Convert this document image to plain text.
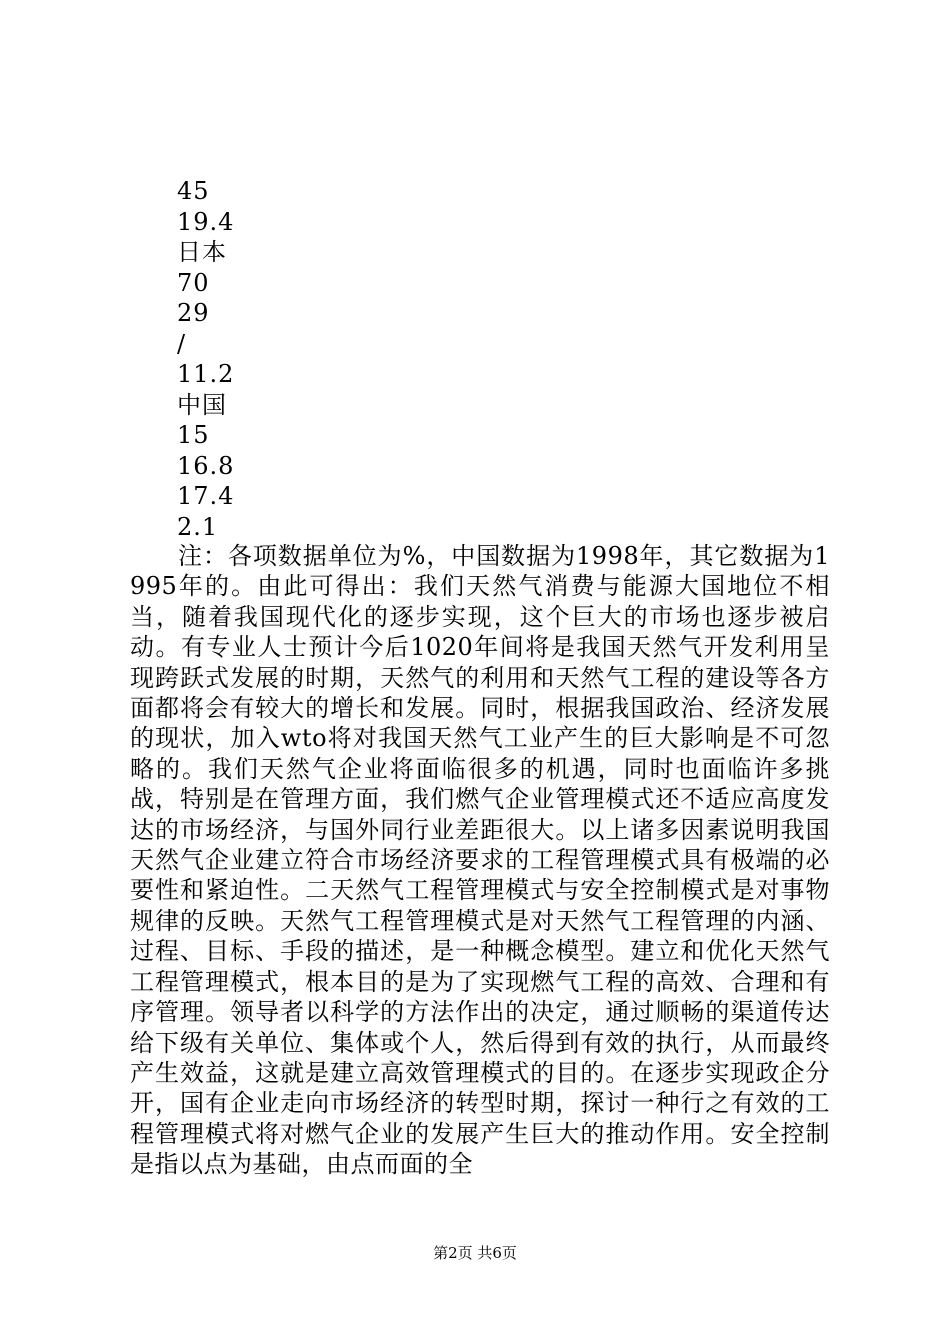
45
19.4
日本
70
29
/
11.2
中国
15
16.8
17.4
2.1

注：各项数据单位为%，中国数据为1998年，其它数据为1995年的。由此可得出：我们天然气消费与能源大国地位不相当，随着我国现代化的逐步实现，这个巨大的市场也逐步被启动。有专业人士预计今后1020年间将是我国天然气开发利用呈现跨跃式发展的时期，天然气的利用和天然气工程的建设等各方面都将会有较大的增长和发展。同时，根据我国政治、经济发展的现状，加入wto将对我国天然气工业产生的巨大影响是不可忽略的。我们天然气企业将面临很多的机遇，同时也面临许多挑战，特别是在管理方面，我们燃气企业管理模式还不适应高度发达的市场经济，与国外同行业差距很大。以上诸多因素说明我国天然气企业建立符合市场经济要求的工程管理模式具有极端的必要性和紧迫性。二天然气工程管理模式与安全控制模式是对事物规律的反映。天然气工程管理模式是对天然气工程管理的内涵、过程、目标、手段的描述，是一种概念模型。建立和优化天然气工程管理模式，根本目的是为了实现燃气工程的高效、合理和有序管理。领导者以科学的方法作出的决定，通过顺畅的渠道传达给下级有关单位、集体或个人，然后得到有效的执行，从而最终产生效益，这就是建立高效管理模式的目的。在逐步实现政企分开，国有企业走向市场经济的转型时期，探讨一种行之有效的工程管理模式将对燃气企业的发展产生巨大的推动作用。安全控制是指以点为基础，由点而面的全

第2页 共6页
